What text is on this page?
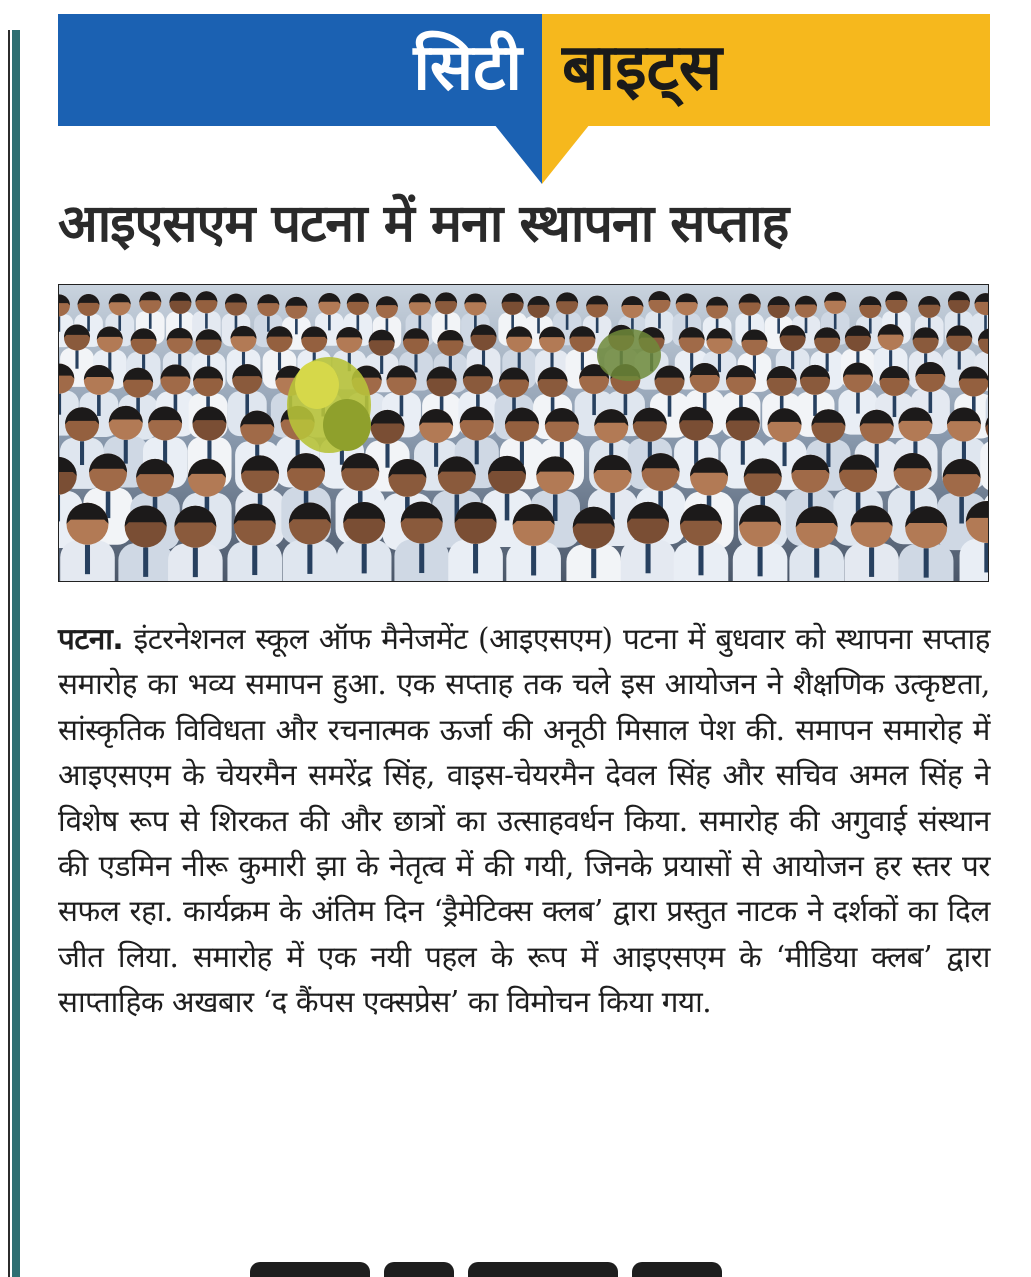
सिटी बाइट्स
आइएसएम पटना में मना स्थापना सप्ताह
पटना. इंटरनेशनल स्कूल ऑफ मैनेजमेंट (आइएसएम) पटना में बुधवार को स्थापना सप्ताह समारोह का भव्य समापन हुआ. एक सप्ताह तक चले इस आयोजन ने शैक्षणिक उत्कृष्टता, सांस्कृतिक विविधता और रचनात्मक ऊर्जा की अनूठी मिसाल पेश की. समापन समारोह में आइएसएम के चेयरमैन समरेंद्र सिंह, वाइस-चेयरमैन देवल सिंह और सचिव अमल सिंह ने विशेष रूप से शिरकत की और छात्रों का उत्साहवर्धन किया. समारोह की अगुवाई संस्थान की एडमिन नीरू कुमारी झा के नेतृत्व में की गयी, जिनके प्रयासों से आयोजन हर स्तर पर सफल रहा. कार्यक्रम के अंतिम दिन ‘ड्रैमेटिक्स क्लब’ द्वारा प्रस्तुत नाटक ने दर्शकों का दिल जीत लिया. समारोह में एक नयी पहल के रूप में आइएसएम के ‘मीडिया क्लब’ द्वारा साप्ताहिक अखबार ‘द कैंपस एक्सप्रेस’ का विमोचन किया गया.
